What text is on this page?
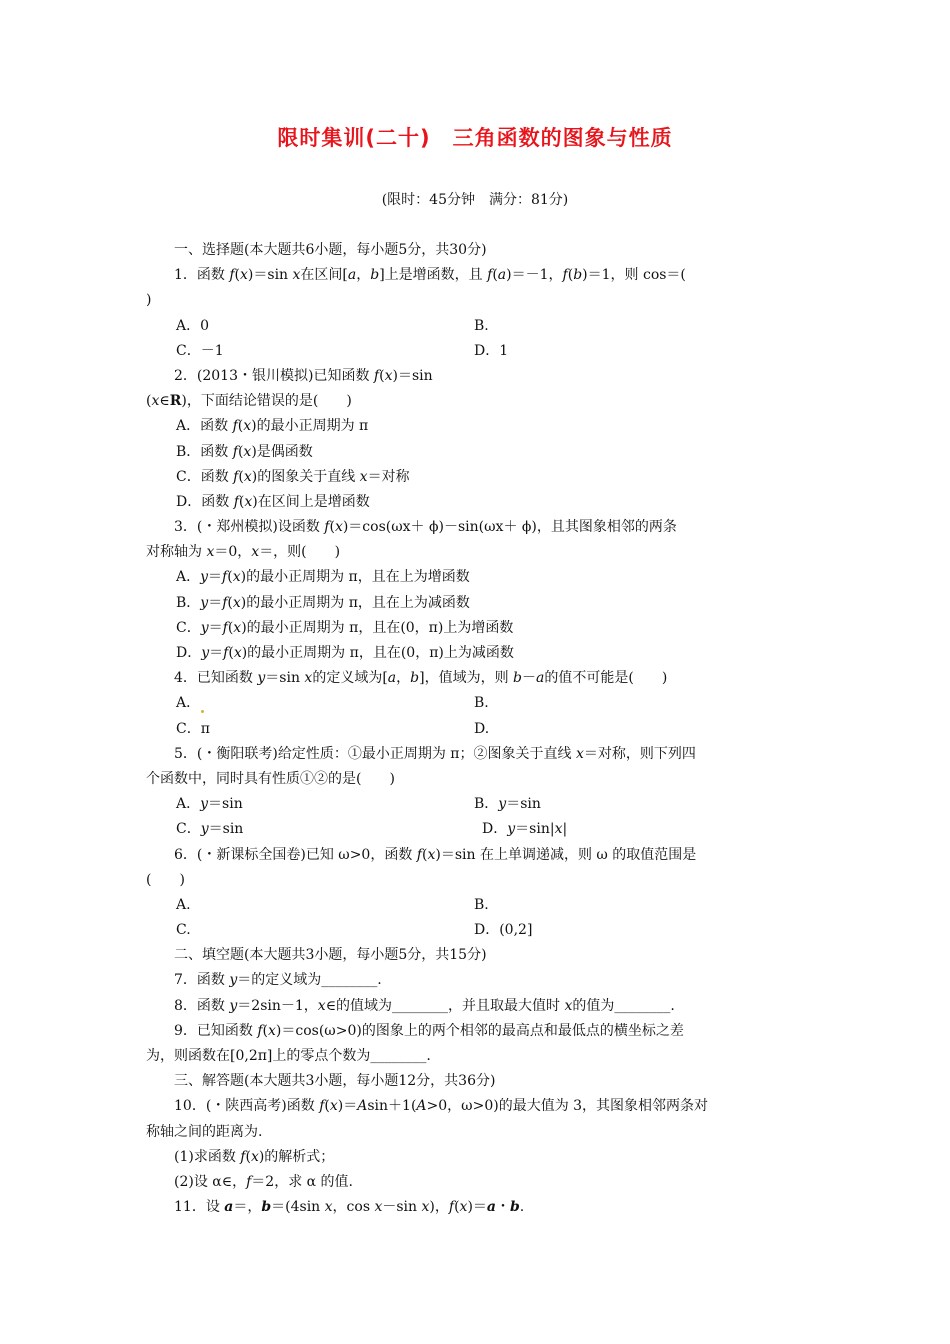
限时集训(二十)　三角函数的图象与性质
(限时：45分钟　满分：81分)
一、选择题(本大题共6小题，每小题5分，共30分)
1．函数 f(x)＝sin x在区间[a，b]上是增函数，且 f(a)＝－1，f(b)＝1，则 cos＝(
)
A．0	B.
C．－1	D．1
2．(2013・银川模拟)已知函数 f(x)＝sin
(x∈R)，下面结论错误的是(　　)
A．函数 f(x)的最小正周期为 π
B．函数 f(x)是偶函数
C．函数 f(x)的图象关于直线 x＝对称
D．函数 f(x)在区间上是增函数
3．(・郑州模拟)设函数 f(x)＝cos(ωx＋ ϕ)－sin(ωx＋ ϕ)，且其图象相邻的两条
对称轴为 x＝0，x＝，则(　　)
A．y＝f(x)的最小正周期为 π，且在上为增函数
B．y＝f(x)的最小正周期为 π，且在上为减函数
C．y＝f(x)的最小正周期为 π，且在(0，π)上为增函数
D．y＝f(x)的最小正周期为 π，且在(0，π)上为减函数
4．已知函数 y＝sin x的定义域为[a，b]，值域为，则 b－a的值不可能是(　　)
A．	B.
C．π	D.
5．(・衡阳联考)给定性质：①最小正周期为 π；②图象关于直线 x＝对称，则下列四
个函数中，同时具有性质①②的是(　　)
A．y＝sin	B．y＝sin
C．y＝sin	D．y＝sin|x|
6．(・新课标全国卷)已知 ω>0，函数 f(x)＝sin 在上单调递减，则 ω 的取值范围是
(　　)
A.	B.
C.	D．(0,2]
二、填空题(本大题共3小题，每小题5分，共15分)
7．函数 y＝的定义域为________.
8．函数 y＝2sin－1，x∈的值域为________，并且取最大值时 x的值为________.
9．已知函数 f(x)＝cos(ω>0)的图象上的两个相邻的最高点和最低点的横坐标之差
为，则函数在[0,2π]上的零点个数为________.
三、解答题(本大题共3小题，每小题12分，共36分)
10．(・陕西高考)函数 f(x)＝Asin＋1(A>0，ω>0)的最大值为 3，其图象相邻两条对
称轴之间的距离为.
(1)求函数 f(x)的解析式；
(2)设 α∈，f＝2，求 α 的值.
11．设 a＝，b＝(4sin x，cos x－sin x)，f(x)＝a・b.
